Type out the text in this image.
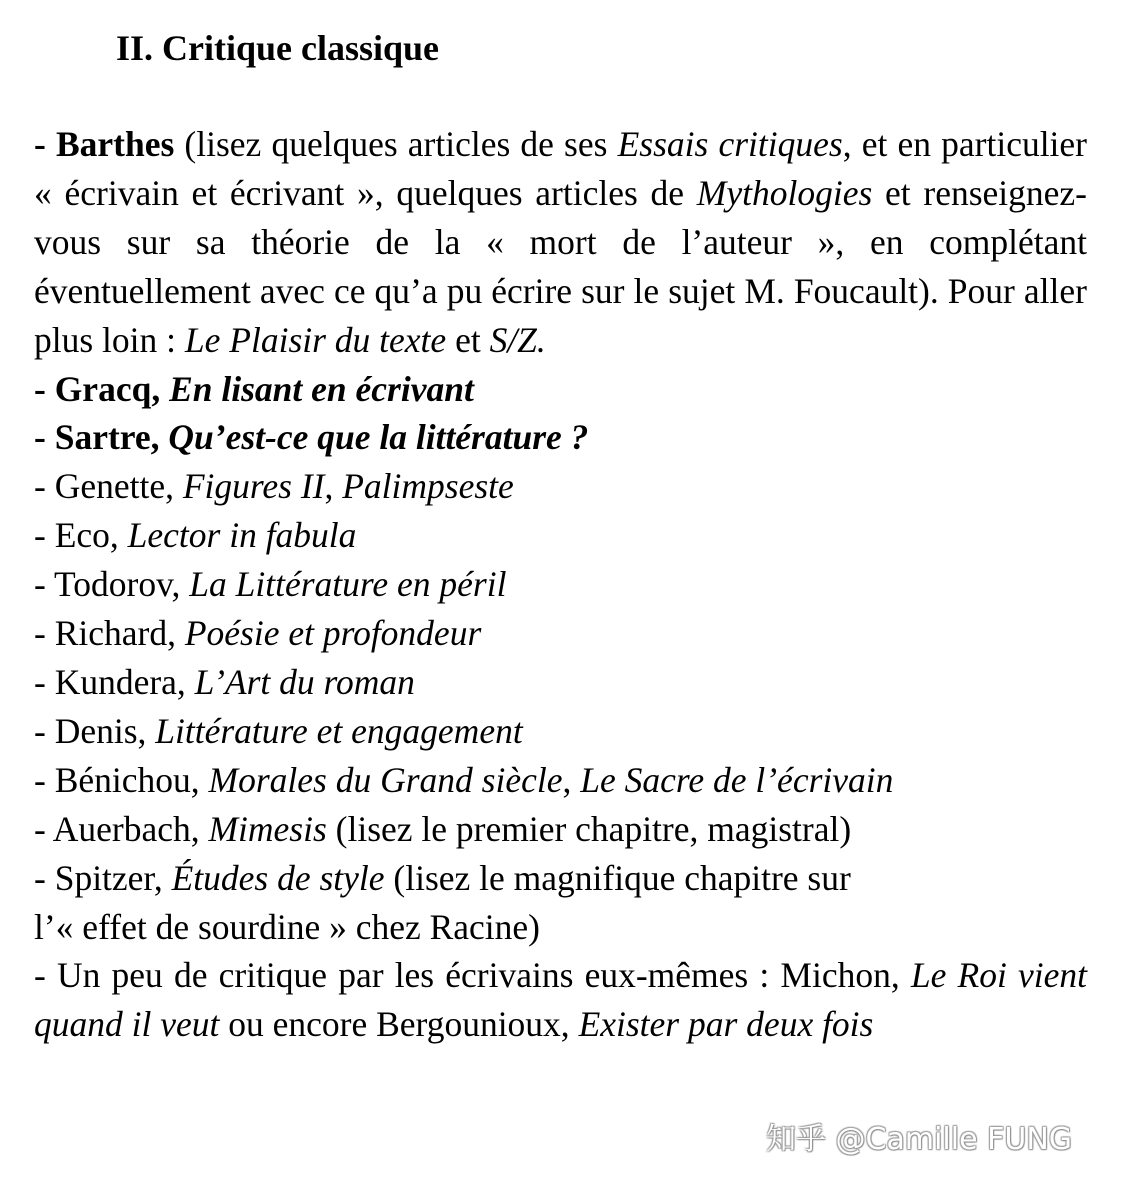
II. Critique classique

- Barthes (lisez quelques articles de ses Essais critiques, et en particulier « écrivain et écrivant », quelques articles de Mythologies et renseignez-vous sur sa théorie de la « mort de l’auteur », en complétant éventuellement avec ce qu’a pu écrire sur le sujet M. Foucault). Pour aller plus loin : Le Plaisir du texte et S/Z.

- Gracq, En lisant en écrivant

- Sartre, Qu’est-ce que la littérature ?

- Genette, Figures II, Palimpseste

- Eco, Lector in fabula

- Todorov, La Littérature en péril

- Richard, Poésie et profondeur

- Kundera, L’Art du roman

- Denis, Littérature et engagement

- Bénichou, Morales du Grand siècle, Le Sacre de l’écrivain

- Auerbach, Mimesis (lisez le premier chapitre, magistral)

- Spitzer, Études de style (lisez le magnifique chapitre sur
l’« effet de sourdine » chez Racine)

- Un peu de critique par les écrivains eux-mêmes : Michon, Le Roi vient quand il veut ou encore Bergounioux, Exister par deux fois

知乎 @Camille FUNG
